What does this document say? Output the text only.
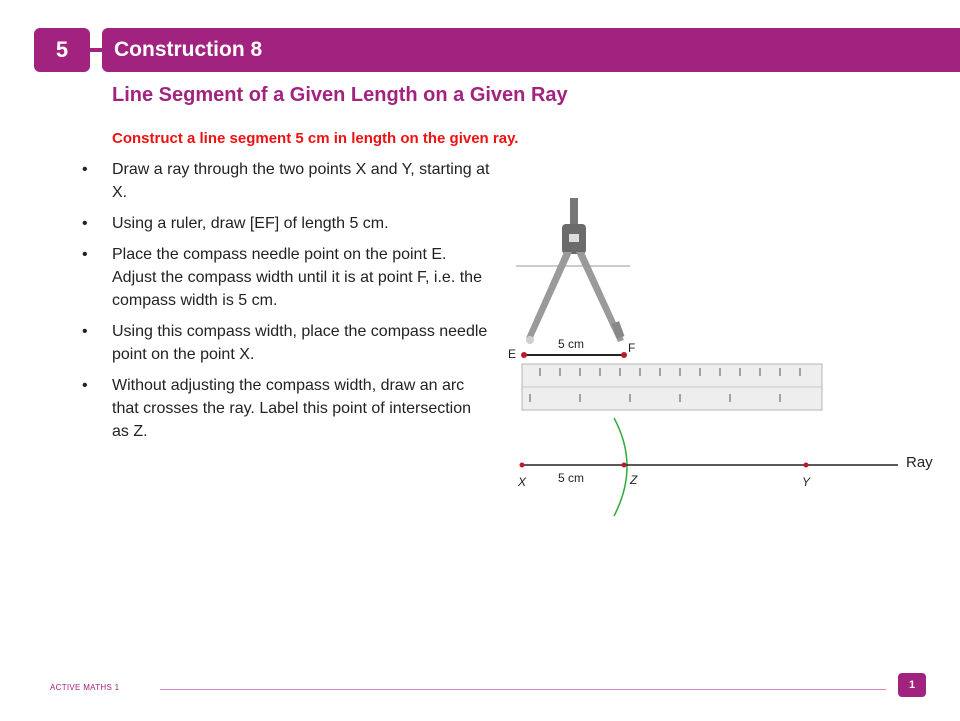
5	Construction 8
Line Segment of a Given Length on a Given Ray
Construct a line segment 5 cm in length on the given ray.
• Draw a ray through the two points X and Y, starting at X.
• Using a ruler, draw [EF] of length 5 cm.
• Place the compass needle point on the point E. Adjust the compass width until it is at point F, i.e. the compass width is 5 cm.
• Using this compass width, place the compass needle point on the point X.
• Without adjusting the compass width, draw an arc that crosses the ray. Label this point of intersection as Z.
E	F
5 cm
Ray
X	Z	Y
5 cm
ACTIVE MATHS 1	1
